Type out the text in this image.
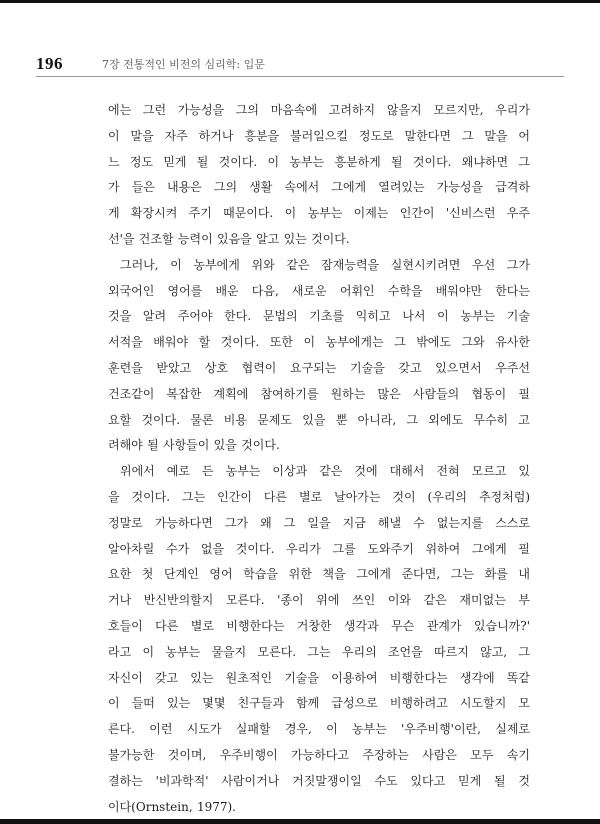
196	7장 전통적인 비전의 심리학: 입문
에는 그런 가능성을 그의 마음속에 고려하지 않을지 모르지만, 우리가
이 말을 자주 하거나 흥분을 불러일으킬 정도로 말한다면 그 말을 어
느 정도 믿게 될 것이다. 이 농부는 흥분하게 될 것이다. 왜냐하면 그
가 들은 내용은 그의 생활 속에서 그에게 열려있는 가능성을 급격하
게 확장시켜 주기 때문이다. 이 농부는 이제는 인간이 '신비스런 우주
선'을 건조할 능력이 있음을 알고 있는 것이다.
그러나, 이 농부에게 위와 같은 잠재능력을 실현시키려면 우선 그가
외국어인 영어를 배운 다음, 새로운 어휘인 수학을 배워야만 한다는
것을 알려 주어야 한다. 문법의 기초를 익히고 나서 이 농부는 기술
서적을 배워야 할 것이다. 또한 이 농부에게는 그 밖에도 그와 유사한
훈련을 받았고 상호 협력이 요구되는 기술을 갖고 있으면서 우주선
건조같이 복잡한 계획에 참여하기를 원하는 많은 사람들의 협동이 필
요할 것이다. 물론 비용 문제도 있을 뿐 아니라, 그 외에도 무수히 고
려해야 될 사항들이 있을 것이다.
위에서 예로 든 농부는 이상과 같은 것에 대해서 전혀 모르고 있
을 것이다. 그는 인간이 다른 별로 날아가는 것이 (우리의 추정처럼)
정말로 가능하다면 그가 왜 그 일을 지금 해낼 수 없는지를 스스로
알아차릴 수가 없을 것이다. 우리가 그를 도와주기 위하여 그에게 필
요한 첫 단계인 영어 학습을 위한 책을 그에게 준다면, 그는 화를 내
거나 반신반의할지 모른다. '종이 위에 쓰인 이와 같은 재미없는 부
호들이 다른 별로 비행한다는 거창한 생각과 무슨 관계가 있습니까?'
라고 이 농부는 물을지 모른다. 그는 우리의 조언을 따르지 않고, 그
자신이 갖고 있는 원초적인 기술을 이용하여 비행한다는 생각에 똑같
이 들떠 있는 몇몇 친구들과 함께 급성으로 비행하려고 시도할지 모
른다. 이런 시도가 실패할 경우, 이 농부는 '우주비행'이란, 실제로
불가능한 것이며, 우주비행이 가능하다고 주장하는 사람은 모두 속기
결하는 '비과학적' 사람이거나 거짓말쟁이일 수도 있다고 믿게 될 것
이다(Ornstein, 1977).
